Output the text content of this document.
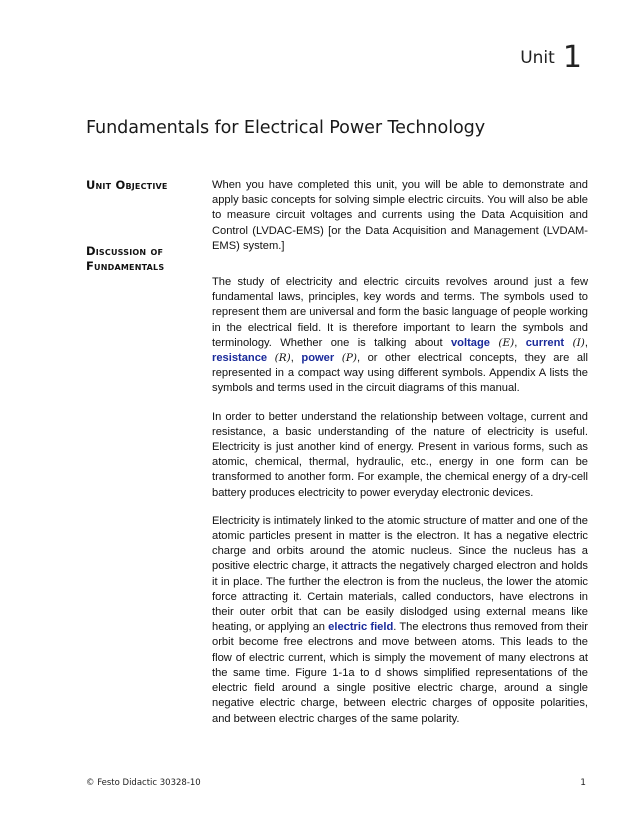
Unit 1
Fundamentals for Electrical Power Technology
Unit Objective
Discussion of
Fundamentals

When you have completed this unit, you will be able to demonstrate and apply basic concepts for solving simple electric circuits. You will also be able to measure circuit voltages and currents using the Data Acquisition and Control (LVDAC-EMS) [or the Data Acquisition and Management (LVDAM-EMS) system.]

The study of electricity and electric circuits revolves around just a few fundamental laws, principles, key words and terms. The symbols used to represent them are universal and form the basic language of people working in the electrical field. It is therefore important to learn the symbols and terminology. Whether one is talking about voltage (E), current (I), resistance (R), power (P), or other electrical concepts, they are all represented in a compact way using different symbols. Appendix A lists the symbols and terms used in the circuit diagrams of this manual.

In order to better understand the relationship between voltage, current and resistance, a basic understanding of the nature of electricity is useful. Electricity is just another kind of energy. Present in various forms, such as atomic, chemical, thermal, hydraulic, etc., energy in one form can be transformed to another form. For example, the chemical energy of a dry-cell battery produces electricity to power everyday electronic devices.

Electricity is intimately linked to the atomic structure of matter and one of the atomic particles present in matter is the electron. It has a negative electric charge and orbits around the atomic nucleus. Since the nucleus has a positive electric charge, it attracts the negatively charged electron and holds it in place. The further the electron is from the nucleus, the lower the atomic force attracting it. Certain materials, called conductors, have electrons in their outer orbit that can be easily dislodged using external means like heating, or applying an electric field. The electrons thus removed from their orbit become free electrons and move between atoms. This leads to the flow of electric current, which is simply the movement of many electrons at the same time. Figure 1-1a to d shows simplified representations of the electric field around a single positive electric charge, around a single negative electric charge, between electric charges of opposite polarities, and between electric charges of the same polarity.

© Festo Didactic 30328-10	1
